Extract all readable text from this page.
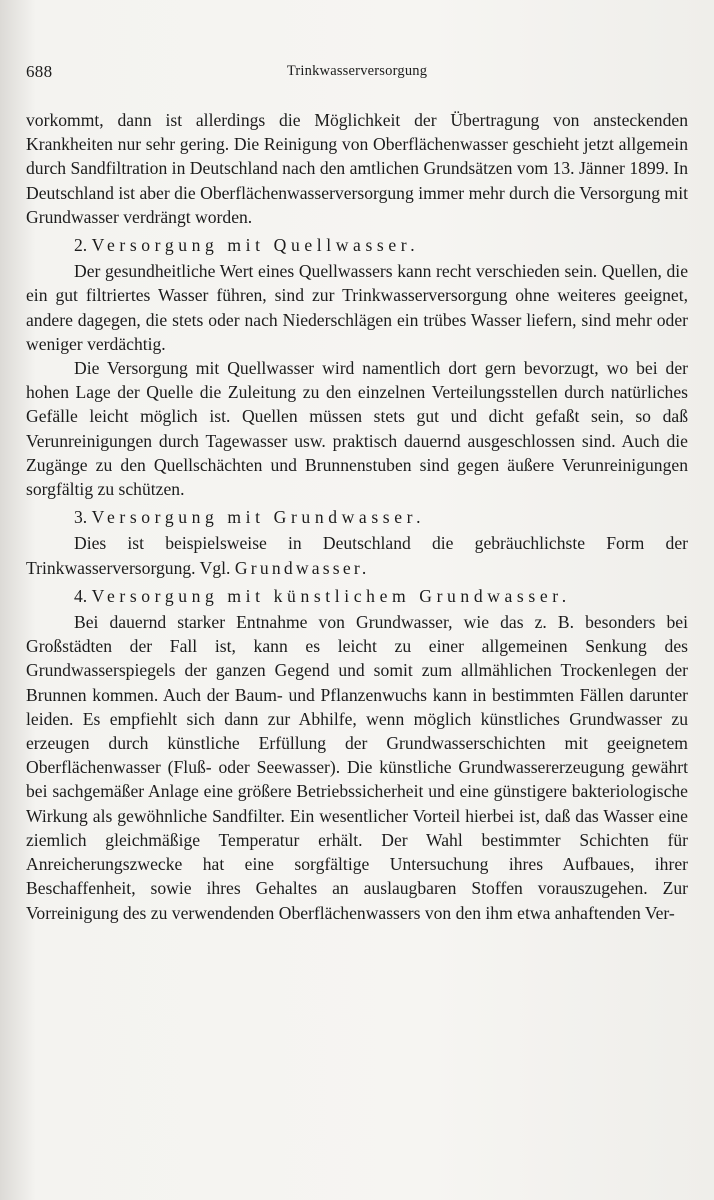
688	Trinkwasserversorgung

vorkommt, dann ist allerdings die Möglichkeit der Übertragung von ansteckenden Krankheiten nur sehr gering. Die Reinigung von Oberflächenwasser geschieht jetzt allgemein durch Sandfiltration in Deutschland nach den amtlichen Grundsätzen vom 13. Jänner 1899. In Deutschland ist aber die Oberflächenwasserversorgung immer mehr durch die Versorgung mit Grundwasser verdrängt worden.

2. Versorgung mit Quellwasser.

Der gesundheitliche Wert eines Quellwassers kann recht verschieden sein. Quellen, die ein gut filtriertes Wasser führen, sind zur Trinkwasserversorgung ohne weiteres geeignet, andere dagegen, die stets oder nach Niederschlägen ein trübes Wasser liefern, sind mehr oder weniger verdächtig.

Die Versorgung mit Quellwasser wird namentlich dort gern bevorzugt, wo bei der hohen Lage der Quelle die Zuleitung zu den einzelnen Verteilungsstellen durch natürliches Gefälle leicht möglich ist. Quellen müssen stets gut und dicht gefaßt sein, so daß Verunreinigungen durch Tagewasser usw. praktisch dauernd ausgeschlossen sind. Auch die Zugänge zu den Quellschächten und Brunnenstuben sind gegen äußere Verunreinigungen sorgfältig zu schützen.

3. Versorgung mit Grundwasser.

Dies ist beispielsweise in Deutschland die gebräuchlichste Form der Trinkwasserversorgung. Vgl. Grundwasser.

4. Versorgung mit künstlichem Grundwasser.

Bei dauernd starker Entnahme von Grundwasser, wie das z. B. besonders bei Großstädten der Fall ist, kann es leicht zu einer allgemeinen Senkung des Grundwasserspiegels der ganzen Gegend und somit zum allmählichen Trockenlegen der Brunnen kommen. Auch der Baum- und Pflanzenwuchs kann in bestimmten Fällen darunter leiden. Es empfiehlt sich dann zur Abhilfe, wenn möglich künstliches Grundwasser zu erzeugen durch künstliche Erfüllung der Grundwasserschichten mit geeignetem Oberflächenwasser (Fluß- oder Seewasser). Die künstliche Grundwassererzeugung gewährt bei sachgemäßer Anlage eine größere Betriebssicherheit und eine günstigere bakteriologische Wirkung als gewöhnliche Sandfilter. Ein wesentlicher Vorteil hierbei ist, daß das Wasser eine ziemlich gleichmäßige Temperatur erhält. Der Wahl bestimmter Schichten für Anreicherungszwecke hat eine sorgfältige Untersuchung ihres Aufbaues, ihrer Beschaffenheit, sowie ihres Gehaltes an auslaugbaren Stoffen vorauszugehen. Zur Vorreinigung des zu verwendenden Oberflächenwassers von den ihm etwa anhaftenden Ver-
